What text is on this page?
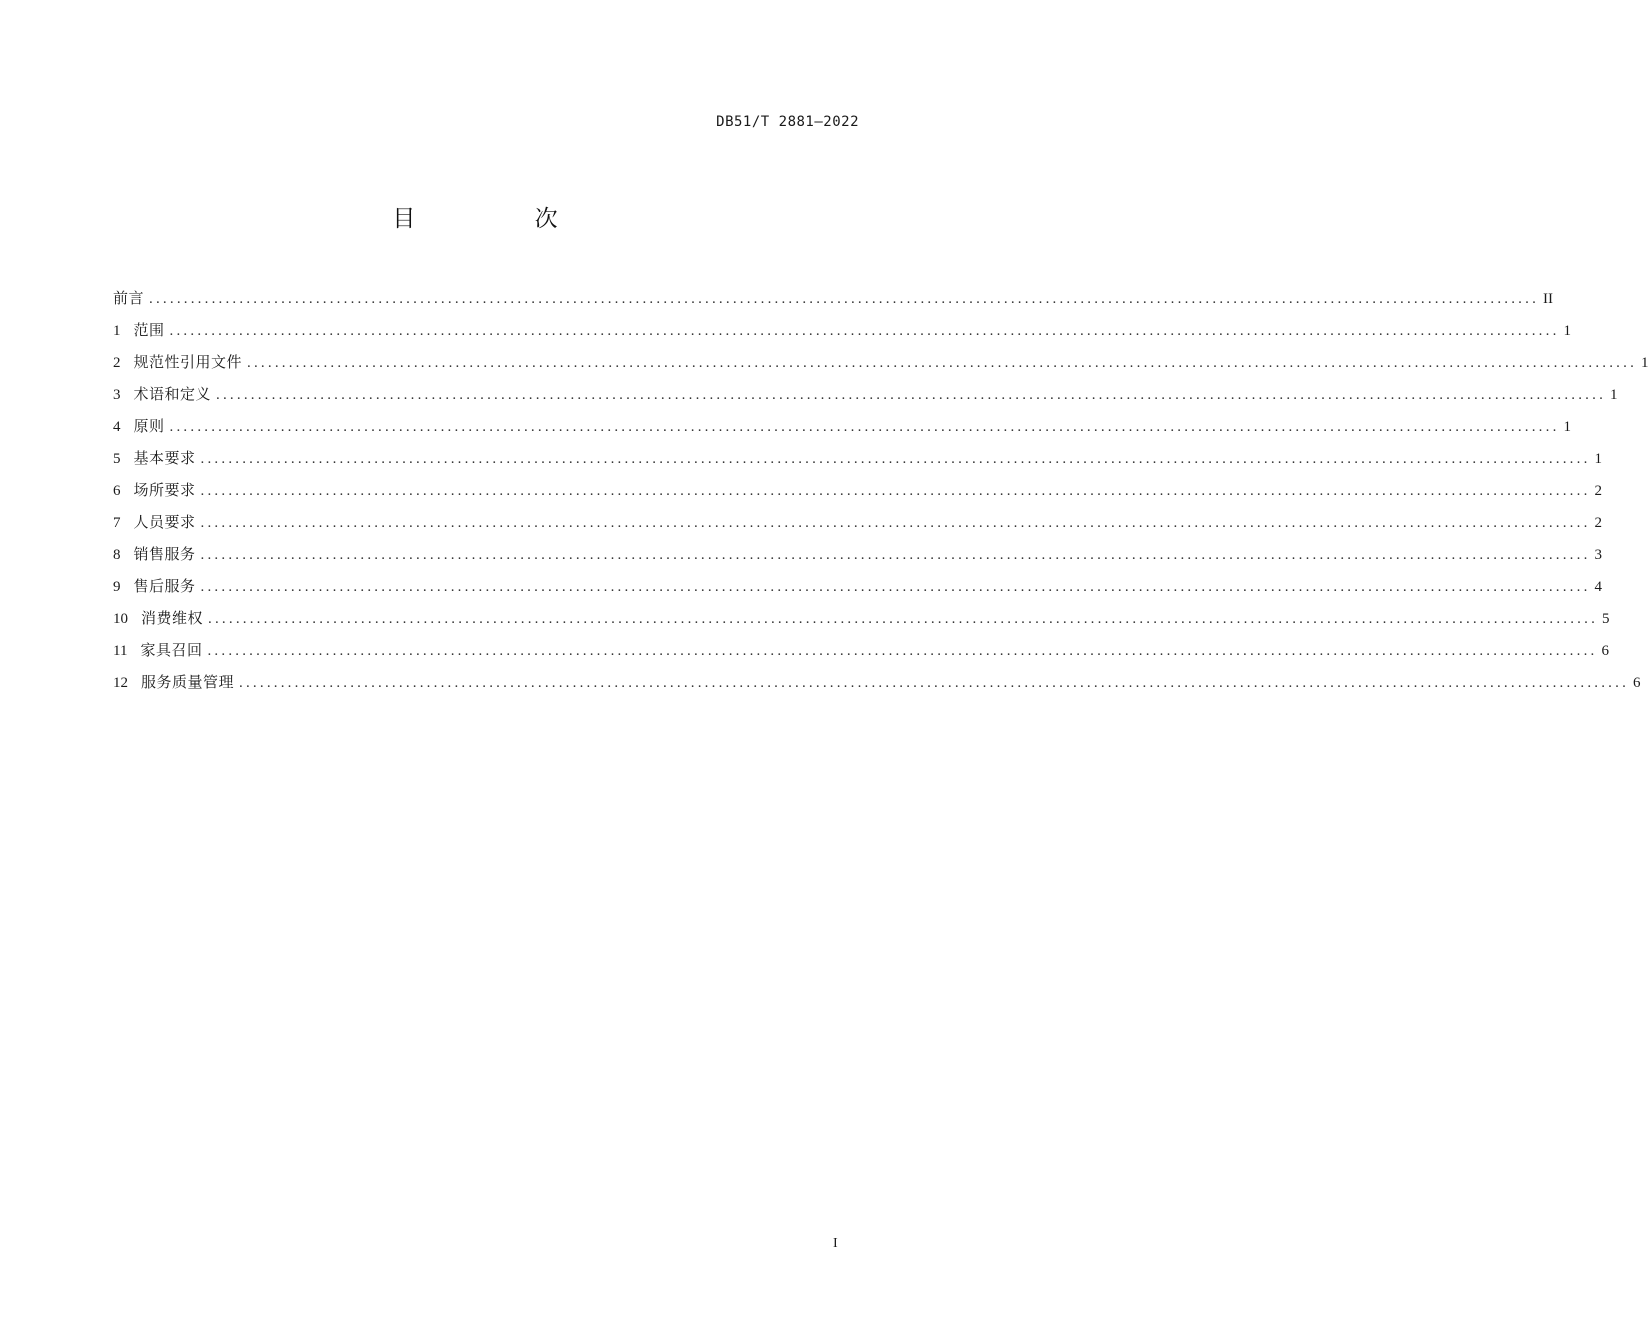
DB51/T 2881—2022
目 次
前言 ........................................................................................................................................................................................................ II
1 范围 ........................................................................................................................................................................................................ 1
2 规范性引用文件 ........................................................................................................................................................................................................ 1
3 术语和定义 ........................................................................................................................................................................................................ 1
4 原则 ........................................................................................................................................................................................................ 1
5 基本要求 ........................................................................................................................................................................................................ 1
6 场所要求 ........................................................................................................................................................................................................ 2
7 人员要求 ........................................................................................................................................................................................................ 2
8 销售服务 ........................................................................................................................................................................................................ 3
9 售后服务 ........................................................................................................................................................................................................ 4
10 消费维权 ........................................................................................................................................................................................................ 5
11 家具召回 ........................................................................................................................................................................................................ 6
12 服务质量管理 ........................................................................................................................................................................................................ 6
I
